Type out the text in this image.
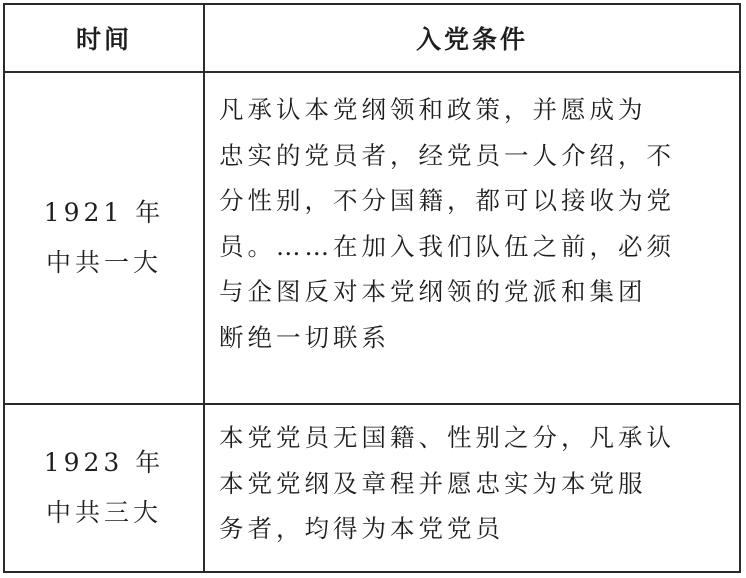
时间	入党条件
1921 年
中共一大
凡承认本党纲领和政策，并愿成为
忠实的党员者，经党员一人介绍，不
分性别，不分国籍，都可以接收为党
员。……在加入我们队伍之前，必须
与企图反对本党纲领的党派和集团
断绝一切联系
1923 年
中共三大
本党党员无国籍、性别之分，凡承认
本党党纲及章程并愿忠实为本党服
务者，均得为本党党员
